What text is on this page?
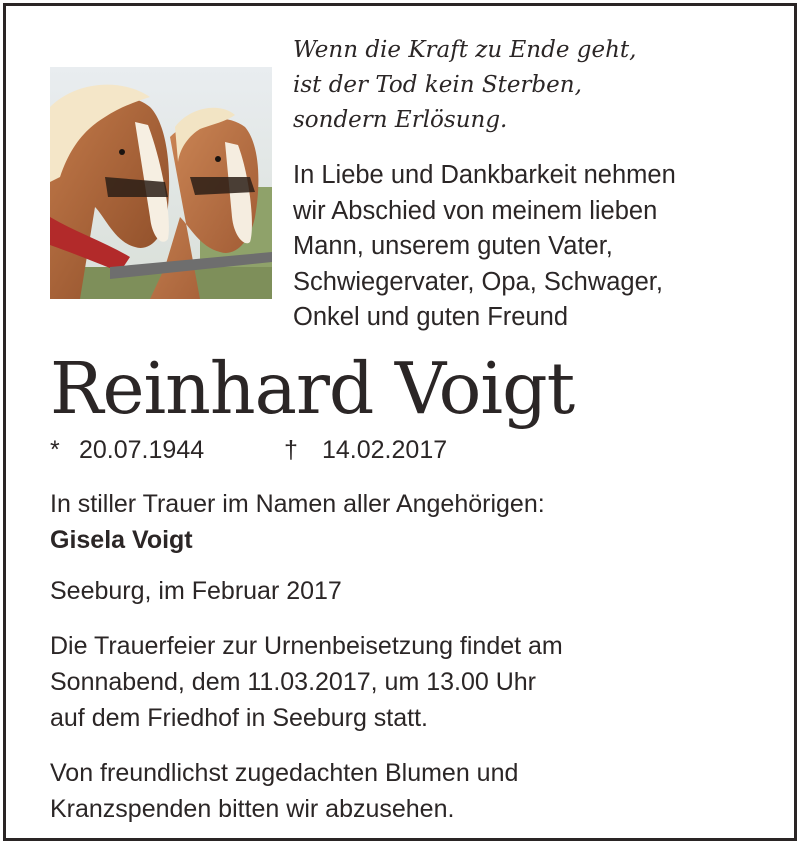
Wenn die Kraft zu Ende geht,
ist der Tod kein Sterben,
sondern Erlösung.

In Liebe und Dankbarkeit nehmen
wir Abschied von meinem lieben
Mann, unserem guten Vater,
Schwiegervater, Opa, Schwager,
Onkel und guten Freund

Reinhard Voigt
* 20.07.1944	† 14.02.2017

In stiller Trauer im Namen aller Angehörigen:
Gisela Voigt

Seeburg, im Februar 2017

Die Trauerfeier zur Urnenbeisetzung findet am
Sonnabend, dem 11.03.2017, um 13.00 Uhr
auf dem Friedhof in Seeburg statt.

Von freundlichst zugedachten Blumen und
Kranzspenden bitten wir abzusehen.
